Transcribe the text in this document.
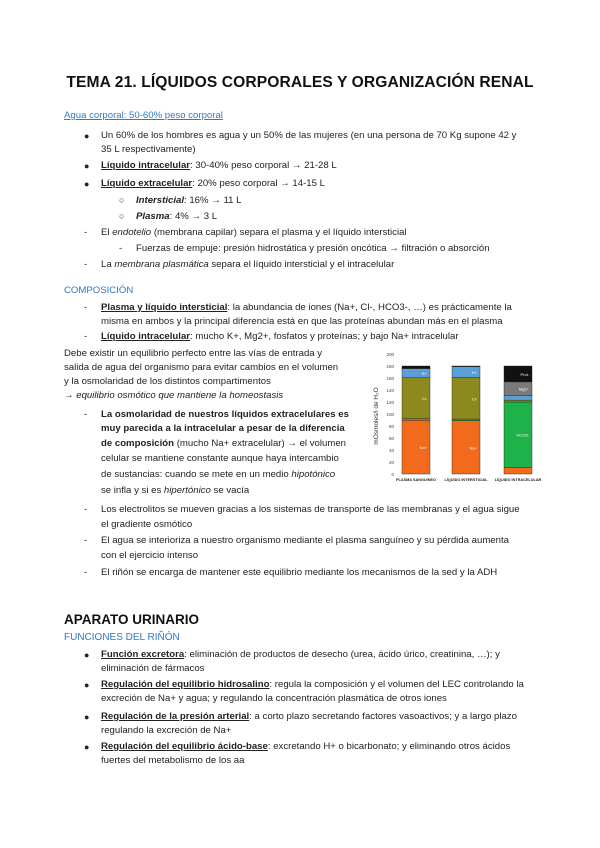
TEMA 21. LÍQUIDOS CORPORALES Y ORGANIZACIÓN RENAL
Agua corporal: 50-60% peso corporal
● Un 60% de los hombres es agua y un 50% de las mujeres (en una persona de 70 Kg supone 42 y
35 L respectivamente)
● Líquido intracelular: 30-40% peso corporal → 21-28 L
● Líquido extracelular: 20% peso corporal → 14-15 L
○ Intersticial: 16% → 11 L
○ Plasma: 4% → 3 L
- El endotelio (membrana capilar) separa el plasma y el líquido intersticial
- Fuerzas de empuje: presión hidrostática y presión oncótica → filtración o absorción
- La membrana plasmática separa el líquido intersticial y el intracelular
COMPOSICIÓN
- Plasma y líquido intersticial: la abundancia de iones (Na+, Cl-, HCO3-, …) es prácticamente la
misma en ambos y la principal diferencia está en que las proteínas abundan más en el plasma
- Líquido intracelular: mucho K+, Mg2+, fosfatos y proteínas; y bajo Na+ intracelular
Debe existir un equilibrio perfecto entre las vías de entrada y
salida de agua del organismo para evitar cambios en el volumen
y la osmolaridad de los distintos compartimentos
→ equilibrio osmótico que mantiene la homeostasis
- La osmolaridad de nuestros líquidos extracelulares es
muy parecida a la intracelular a pesar de la diferencia
de composición (mucho Na+ extracelular) → el volumen
celular se mantiene constante aunque haya intercambio
de sustancias: cuando se mete en un medio hipotónico
se infla y si es hipertónico se vacía
- Los electrolitos se mueven gracias a los sistemas de transporte de las membranas y el agua sigue
el gradiente osmótico
- El agua se interioriza a nuestro organismo mediante el plasma sanguíneo y su pérdida aumenta
con el ejercicio intenso
- El riñón se encarga de mantener este equilibrio mediante los mecanismos de la sed y la ADH
mOsmoles/l de H₂O
200
180
160
140
120
100
80
60
40
20
0
Na+
Cl-
K+
PLASMA SANGUÍNEO
Na+
Cl-
K+
LÍQUIDO INTERSTICIAL
HCO3-
Mg2+
Prot.
LÍQUIDO INTRACELULAR
APARATO URINARIO
FUNCIONES DEL RIÑÓN
● Función excretora: eliminación de productos de desecho (urea, ácido úrico, creatinina, …); y
eliminación de fármacos
● Regulación del equilibrio hidrosalino: regula la composición y el volumen del LEC controlando la
excreción de Na+ y agua; y regulando la concentración plasmática de otros iones
● Regulación de la presión arterial: a corto plazo secretando factores vasoactivos; y a largo plazo
regulando la excreción de Na+
● Regulación del equilibrio ácido-base: excretando H+ o bicarbonato; y eliminando otros ácidos
fuertes del metabolismo de los aa
